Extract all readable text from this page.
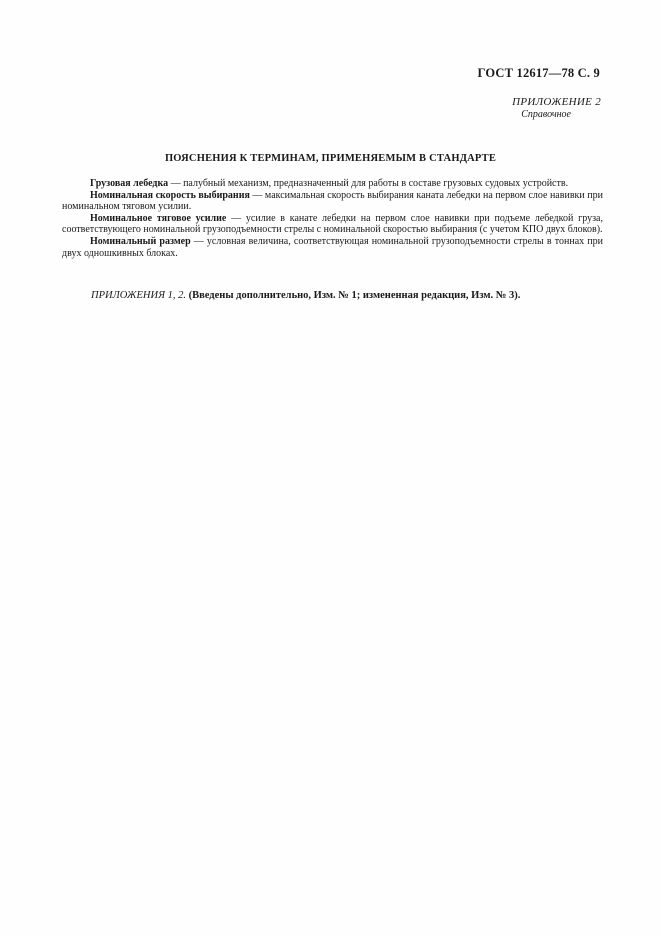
ГОСТ 12617—78 С. 9
ПРИЛОЖЕНИЕ 2
Справочное
ПОЯСНЕНИЯ К ТЕРМИНАМ, ПРИМЕНЯЕМЫМ В СТАНДАРТЕ

Грузовая лебедка — палубный механизм, предназначенный для работы в составе грузовых судовых устройств.

Номинальная скорость выбирания — максимальная скорость выбирания каната лебедки на первом слое навивки при номинальном тяговом усилии.

Номинальное тяговое усилие — усилие в канате лебедки на первом слое навивки при подъеме лебедкой груза, соответствующего номинальной грузоподъемности стрелы с номинальной скоростью выбирания (с учетом КПО двух блоков).

Номинальный размер — условная величина, соответствующая номинальной грузоподъемности стрелы в тоннах при двух одношкивных блоках.

ПРИЛОЖЕНИЯ 1, 2. (Введены дополнительно, Изм. № 1; измененная редакция, Изм. № 3).
